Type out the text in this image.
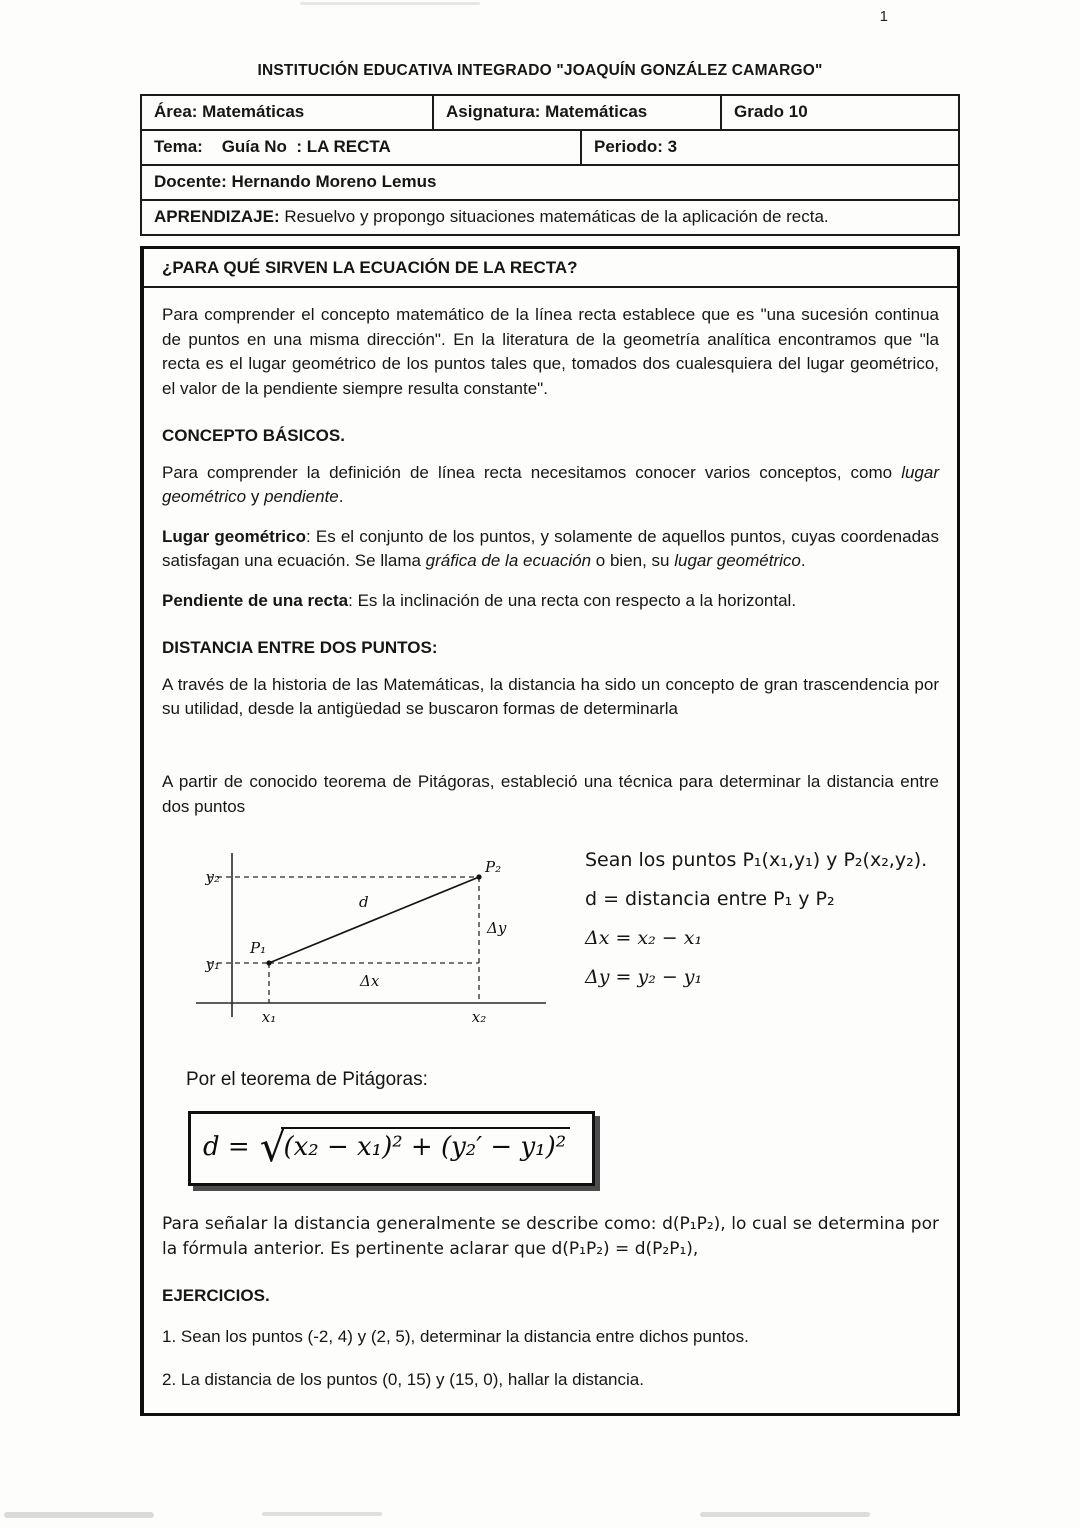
1
INSTITUCIÓN EDUCATIVA INTEGRADO "JOAQUÍN GONZÁLEZ CAMARGO"
Área: Matemáticas	Asignatura: Matemáticas	Grado 10
Tema:    Guía No  : LA RECTA	Periodo: 3
Docente: Hernando Moreno Lemus
APRENDIZAJE: Resuelvo y propongo situaciones matemáticas de la aplicación de recta.
¿PARA QUÉ SIRVEN LA ECUACIÓN DE LA RECTA?

Para comprender el concepto matemático de la línea recta establece que es "una sucesión continua de puntos en una misma dirección". En la literatura de la geometría analítica encontramos que "la recta es el lugar geométrico de los puntos tales que, tomados dos cualesquiera del lugar geométrico, el valor de la pendiente siempre resulta constante".

CONCEPTO BÁSICOS.

Para comprender la definición de línea recta necesitamos conocer varios conceptos, como lugar geométrico y pendiente.

Lugar geométrico: Es el conjunto de los puntos, y solamente de aquellos puntos, cuyas coordenadas satisfagan una ecuación. Se llama gráfica de la ecuación o bien, su lugar geométrico.

Pendiente de una recta: Es la inclinación de una recta con respecto a la horizontal.

DISTANCIA ENTRE DOS PUNTOS:

A través de la historia de las Matemáticas, la distancia ha sido un concepto de gran trascendencia por su utilidad, desde la antigüedad se buscaron formas de determinarla

A partir de conocido teorema de Pitágoras, estableció una técnica para determinar la distancia entre dos puntos

y₂
y₁
P₂
P₁
d
Δy
Δx
x₁	x₂
Sean los puntos P₁(x₁,y₁) y P₂(x₂,y₂).
d = distancia entre P₁ y P₂
Δx = x₂ − x₁
Δy = y₂ − y₁
Por el teorema de Pitágoras:
d = √(x₂ − x₁)² + (y₂′ − y₁)²

Para señalar la distancia generalmente se describe como: d(P₁P₂), lo cual se determina por la fórmula anterior. Es pertinente aclarar que d(P₁P₂) = d(P₂P₁),

EJERCICIOS.

1. Sean los puntos (-2, 4) y (2, 5), determinar la distancia entre dichos puntos.

2. La distancia de los puntos (0, 15) y (15, 0), hallar la distancia.
